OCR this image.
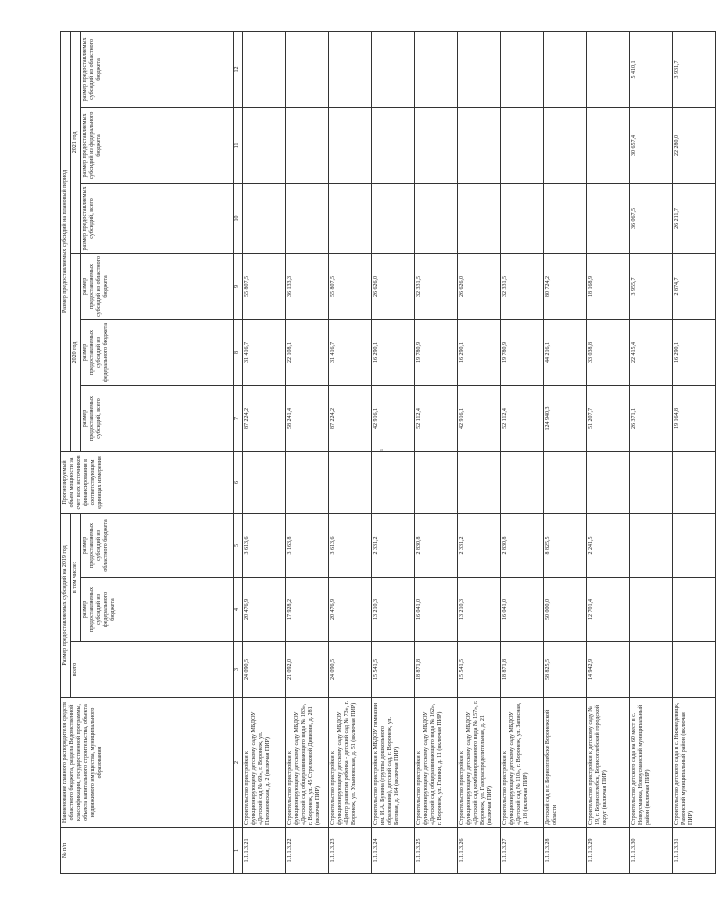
¹
№ п/п	Наименование главного распорядителя средств областного бюджета, раздела Ведомственной классификации, государственной программы, объекта капитального строительства, объекта недвижимого имущества, муниципального образования	Размер предоставляемых субсидий на 2019 год			Прогнозируемый объем мощности за счет всех источников финансирования в соответствующем единицах измерения	Размер предоставляемых субсидий на плановый период					
		всего	в том числе:			2020 год			2021 год		
			размер предоставляемых субсидий из федерального бюджета	размер предоставляемых субсидий из областного бюджета		размер предоставляемых субсидий, всего	размер предоставляемых субсидий из федерального бюджета	размер предоставляемых субсидий из областного бюджета	размер предоставляемых субсидий, всего	размер предоставляемых субсидий из федерального бюджета	размер предоставляемых субсидий из областного бюджета

1	2	3	4	5	6	7	8	9	10	11	12
1.1.1.3.21	Строительство пристройки к функционирующему детскому саду МБДОУ «Детский сад № 69», г. Воронеж, ул. Плехановская, д. 2 (включая ПИР)	24 090,5	20 476,9	3 613,6		87 224,2	31 416,7	55 807,5			
1.1.1.3.22	Строительство пристройки к функционирующему детскому саду МБДОУ «Детский сад общеразвивающего вида № 183», г. Воронеж, ул. 45 Стрелковой Дивизии, д. 281 (включая ПИР)	21 092,0	17 928,2	3 163,8		58 241,4	22 108,1	36 133,3			
1.1.1.3.23	Строительство пристройки к функционирующему детскому саду МБДОУ «Центр развития ребенка - детский сад № 73», г. Воронеж, ул. Ульяновская, д. 51 (включая ПИР)	24 090,5	20 476,9	3 613,6		87 224,2	31 416,7	55 807,5			
1.1.1.3.24	Строительство пристройки к МБДОУ гимназии им. И.А. Бунина (группы дошкольного образования), детский сад, г. Воронеж, ул. Беговая, д. 164 (включая ПИР)	15 541,5	13 210,3	2 331,2		42 916,1	16 290,1	26 626,0			
1.1.1.3.25	Строительство пристройки к функционирующему детскому саду МБДОУ «Детский сад общеразвивающего вида № 162», г. Воронеж, ул. Глинки, д. 11 (включая ПИР)	18 871,8	16 041,0	2 830,8		52 112,4	19 780,9	32 331,5			
1.1.1.3.26	Строительство пристройки к функционирующему детскому саду МБДОУ «Детский сад комбинированного вида № 157», г. Воронеж, ул. Газораспределительная, д. 21 (включая ПИР)	15 541,5	13 210,3	2 331,2		42 916,1	16 290,1	26 626,0			
1.1.1.3.27	Строительство пристройки к функционирующему детскому саду МБДОУ «Детский сад № 110», г. Воронеж, ул. Записная, д. 18 (включая ПИР)	18 871,8	16 041,0	2 830,8		52 112,4	19 780,9	32 331,5			
1.1.1.3.28	Детский сад в г. Борисоглебске Воронежской области	58 825,5	50 000,0	8 825,5		124 940,3	44 216,1	80 724,2			
1.1.1.3.29	Строительство пристройки к детскому саду № 19, г. Борисоглебск, Борисоглебский городской округ (включая ПИР)	14 942,9	12 701,4	2 241,5		51 207,7	33 038,8	18 168,9			
1.1.1.3.30	Строительство детского сада на 60 мест в с. Новоусманка, Новоусманский муниципальный район (включая ПИР)					26 371,1	22 415,4	3 955,7	36 067,5	30 657,4	5 410,1
1.1.1.3.31	Строительство детского сада в с. Нижнедевицк, Рамонский муниципальный район (включая ПИР)					19 164,8	16 290,1	2 874,7	26 211,7	22 280,0	3 931,7
